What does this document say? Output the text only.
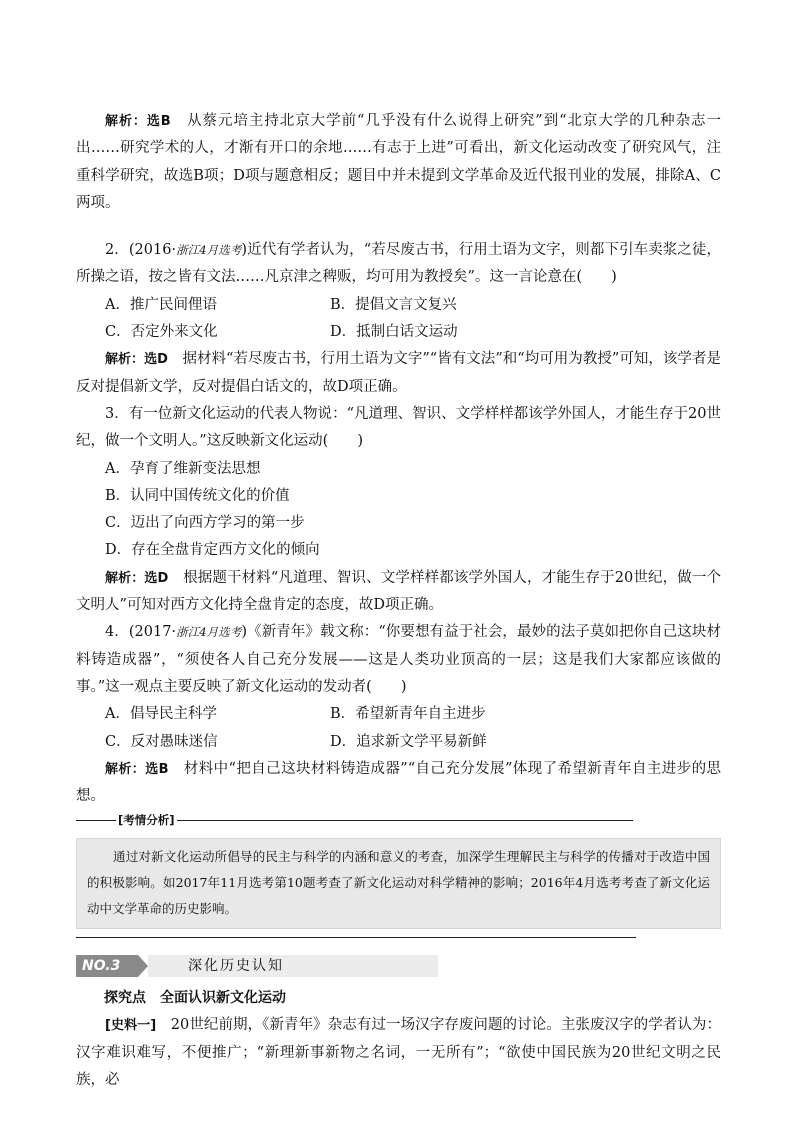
解析：选B　 从蔡元培主持北京大学前“几乎没有什么说得上研究”到“北京大学的几种杂志一出……研究学术的人，才渐有开口的余地……有志于上进”可看出，新文化运动改变了研究风气，注重科学研究，故选B项；D项与题意相反；题目中并未提到文学革命及近代报刊业的发展，排除A、C两项。

2．(2016·浙江4月选考)近代有学者认为，“若尽废古书，行用土语为文字，则都下引车卖浆之徒，所操之语，按之皆有文法……凡京津之稗贩，均可用为教授矣”。这一言论意在(　　)

A．推广民间俚语	B．提倡文言文复兴
C．否定外来文化	D．抵制白话文运动

解析：选D　 据材料“若尽废古书，行用土语为文字”“皆有文法”和“均可用为教授”可知，该学者是反对提倡新文学，反对提倡白话文的，故D项正确。

3．有一位新文化运动的代表人物说：“凡道理、智识、文学样样都该学外国人，才能生存于20世纪，做一个文明人。”这反映新文化运动(　　)

A．孕育了维新变法思想
B．认同中国传统文化的价值
C．迈出了向西方学习的第一步
D．存在全盘肯定西方文化的倾向

解析：选D　 根据题干材料“凡道理、智识、文学样样都该学外国人，才能生存于20世纪，做一个文明人”可知对西方文化持全盘肯定的态度，故D项正确。

4．(2017·浙江4月选考)《新青年》载文称：“你要想有益于社会，最妙的法子莫如把你自己这块材料铸造成器”，“须使各人自己充分发展——这是人类功业顶高的一层；这是我们大家都应该做的事。”这一观点主要反映了新文化运动的发动者(　　)

A．倡导民主科学	B．希望新青年自主进步
C．反对愚昧迷信	D．追求新文学平易新鲜

解析：选B　 材料中“把自己这块材料铸造成器”“自己充分发展”体现了希望新青年自主进步的思想。

[考情分析]
通过对新文化运动所倡导的民主与科学的内涵和意义的考查，加深学生理解民主与科学的传播对于改造中国的积极影响。如2017年11月选考第10题考查了新文化运动对科学精神的影响；2016年4月选考考查了新文化运动中文学革命的历史影响。
NO.3	深化历史认知
探究点　全面认识新文化运动

[史料一]　 20世纪前期，《新青年》杂志有过一场汉字存废问题的讨论。主张废汉字的学者认为：汉字难识难写，不便推广；“新理新事新物之名词，一无所有”；“欲使中国民族为20世纪文明之民族，必
